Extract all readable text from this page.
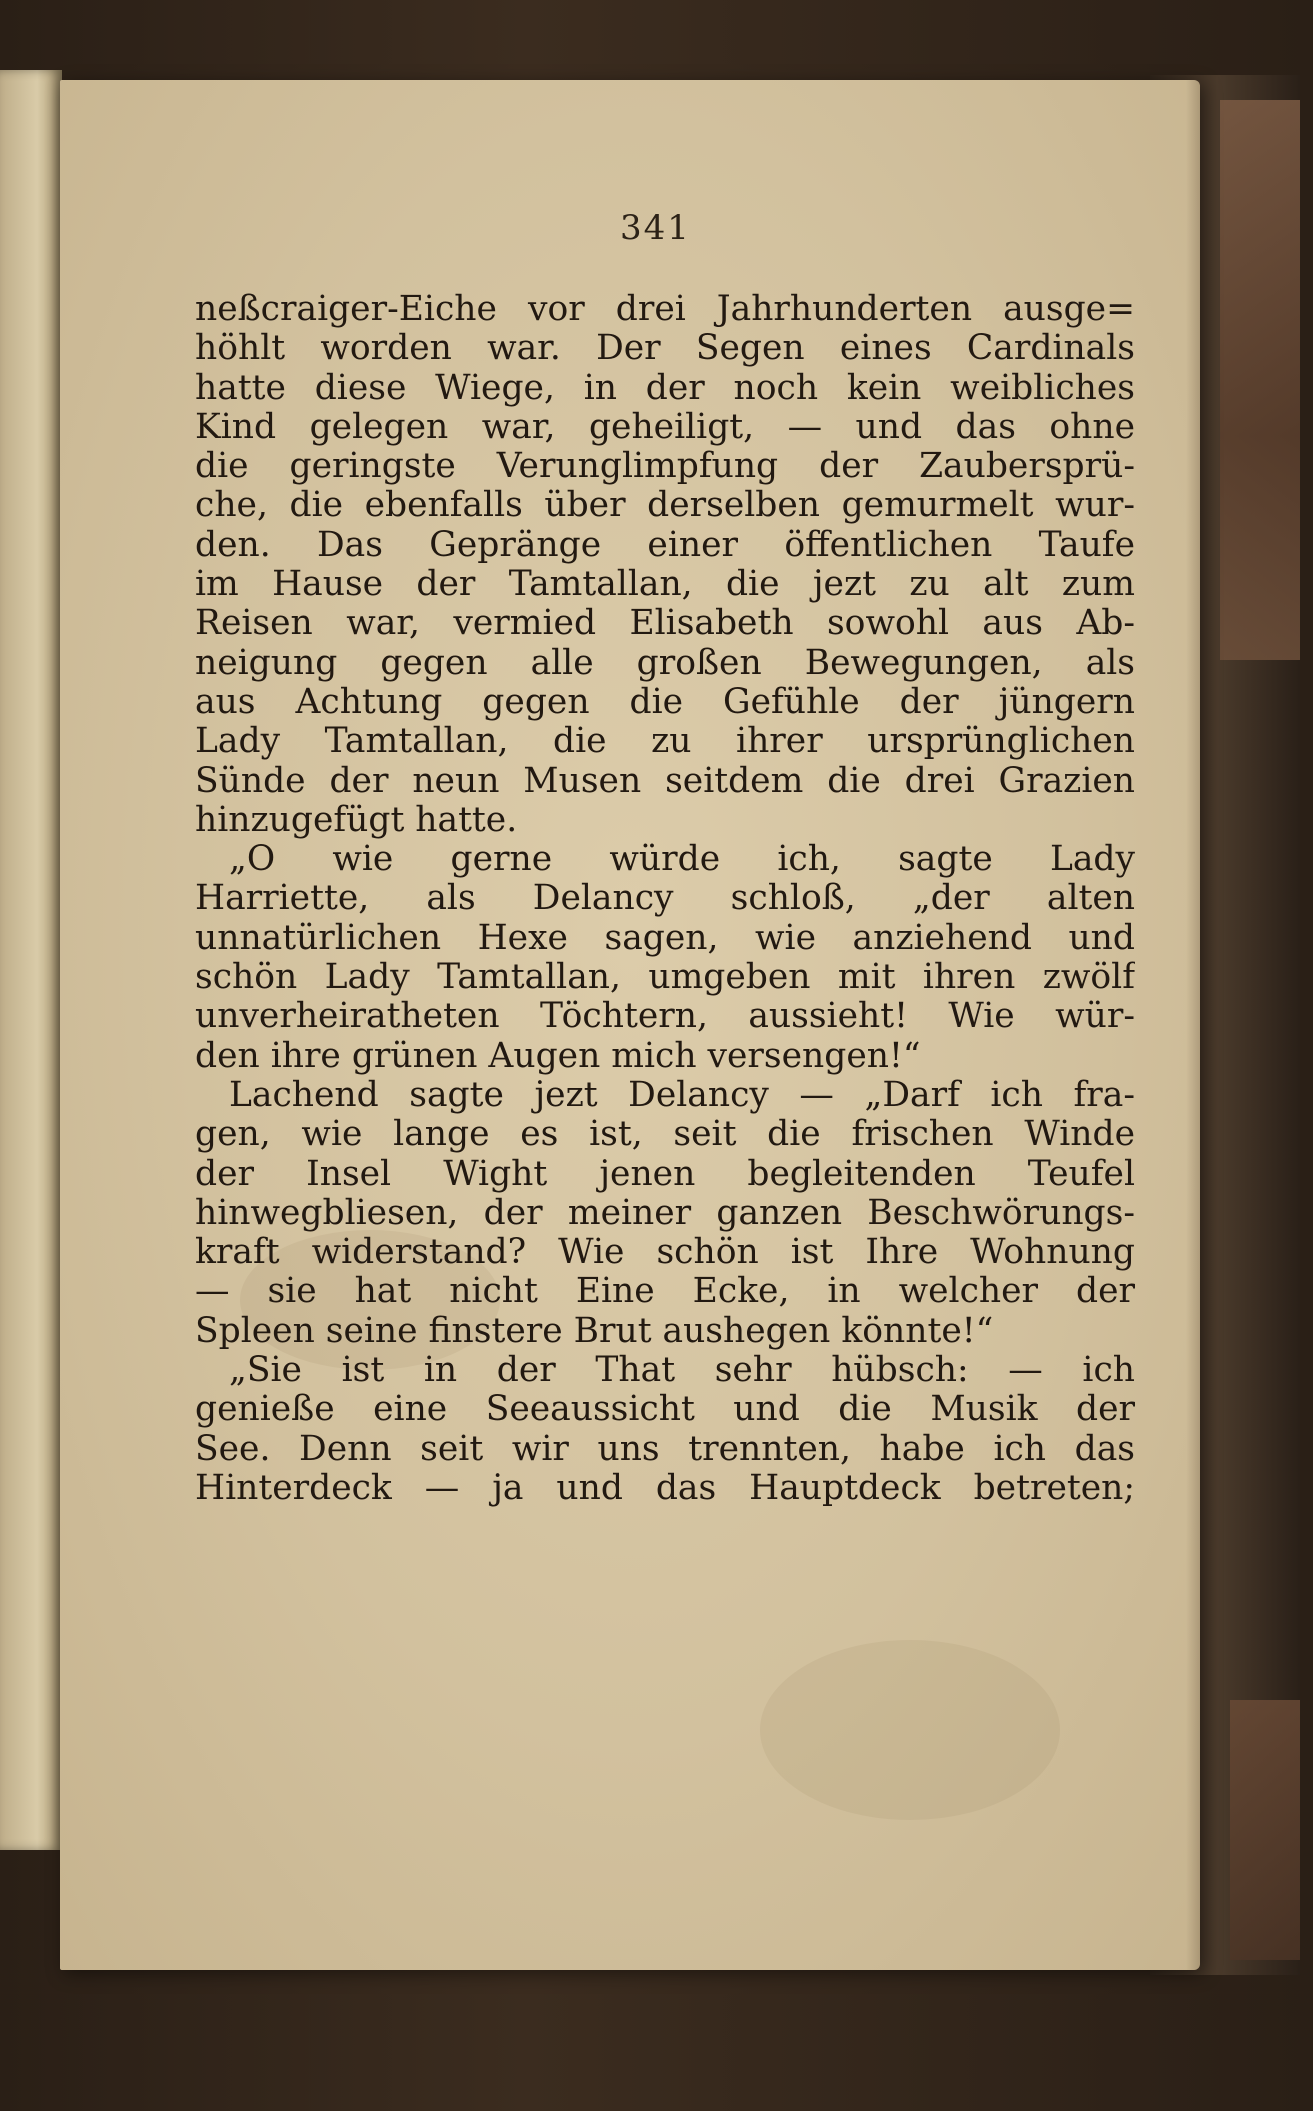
341
neßcraiger-Eiche vor drei Jahrhunderten ausge=
höhlt worden war. Der Segen eines Cardinals
hatte diese Wiege, in der noch kein weibliches
Kind gelegen war, geheiligt, — und das ohne
die geringste Verunglimpfung der Zaubersprü-
che, die ebenfalls über derselben gemurmelt wur-
den. Das Gepränge einer öffentlichen Taufe
im Hause der Tamtallan, die jezt zu alt zum
Reisen war, vermied Elisabeth sowohl aus Ab-
neigung gegen alle großen Bewegungen, als
aus Achtung gegen die Gefühle der jüngern
Lady Tamtallan, die zu ihrer ursprünglichen
Sünde der neun Musen seitdem die drei Grazien
hinzugefügt hatte.
„O wie gerne würde ich, sagte Lady
Harriette, als Delancy schloß, „der alten
unnatürlichen Hexe sagen, wie anziehend und
schön Lady Tamtallan, umgeben mit ihren zwölf
unverheiratheten Töchtern, aussieht! Wie wür-
den ihre grünen Augen mich versengen!“
Lachend sagte jezt Delancy — „Darf ich fra-
gen, wie lange es ist, seit die frischen Winde
der Insel Wight jenen begleitenden Teufel
hinwegbliesen, der meiner ganzen Beschwörungs-
kraft widerstand? Wie schön ist Ihre Wohnung
— sie hat nicht Eine Ecke, in welcher der
Spleen seine finstere Brut aushegen könnte!“
„Sie ist in der That sehr hübsch: — ich
genieße eine Seeaussicht und die Musik der
See. Denn seit wir uns trennten, habe ich das
Hinterdeck — ja und das Hauptdeck betreten;
